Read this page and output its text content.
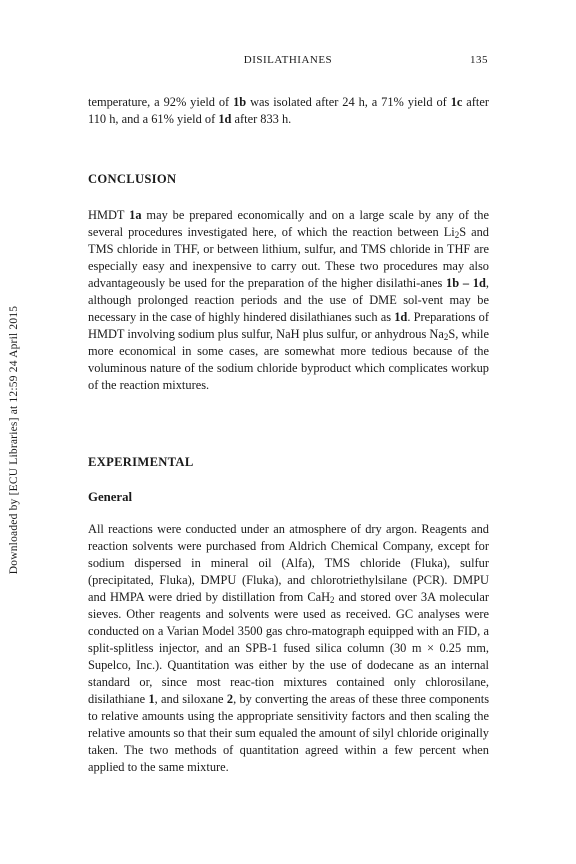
Downloaded by [ECU Libraries] at 12:59 24 April 2015
DISILATHIANES	135

temperature, a 92% yield of 1b was isolated after 24 h, a 71% yield of 1c after 110 h, and a 61% yield of 1d after 833 h.

CONCLUSION

HMDT 1a may be prepared economically and on a large scale by any of the several procedures investigated here, of which the reaction between $Li_2S$ and TMS chloride in THF, or between lithium, sulfur, and TMS chloride in THF are especially easy and inexpensive to carry out. These two procedures may also advantageously be used for the preparation of the higher disilathi-anes 1b – 1d, although prolonged reaction periods and the use of DME sol-vent may be necessary in the case of highly hindered disilathianes such as 1d. Preparations of HMDT involving sodium plus sulfur, NaH plus sulfur, or anhydrous $Na_2S$, while more economical in some cases, are somewhat more tedious because of the voluminous nature of the sodium chloride byproduct which complicates workup of the reaction mixtures.

EXPERIMENTAL
General

All reactions were conducted under an atmosphere of dry argon. Reagents and reaction solvents were purchased from Aldrich Chemical Company, except for sodium dispersed in mineral oil (Alfa), TMS chloride (Fluka), sulfur (precipitated, Fluka), DMPU (Fluka), and chlorotriethylsilane (PCR). DMPU and HMPA were dried by distillation from CaH$_2$ and stored over 3A molecular sieves. Other reagents and solvents were used as received. GC analyses were conducted on a Varian Model 3500 gas chro-matograph equipped with an FID, a split-splitless injector, and an SPB-1 fused silica column (30 m × 0.25 mm, Supelco, Inc.). Quantitation was either by the use of dodecane as an internal standard or, since most reac-tion mixtures contained only chlorosilane, disilathiane 1, and siloxane 2, by converting the areas of these three components to relative amounts using the appropriate sensitivity factors and then scaling the relative amounts so that their sum equaled the amount of silyl chloride originally taken. The two methods of quantitation agreed within a few percent when applied to the same mixture.
